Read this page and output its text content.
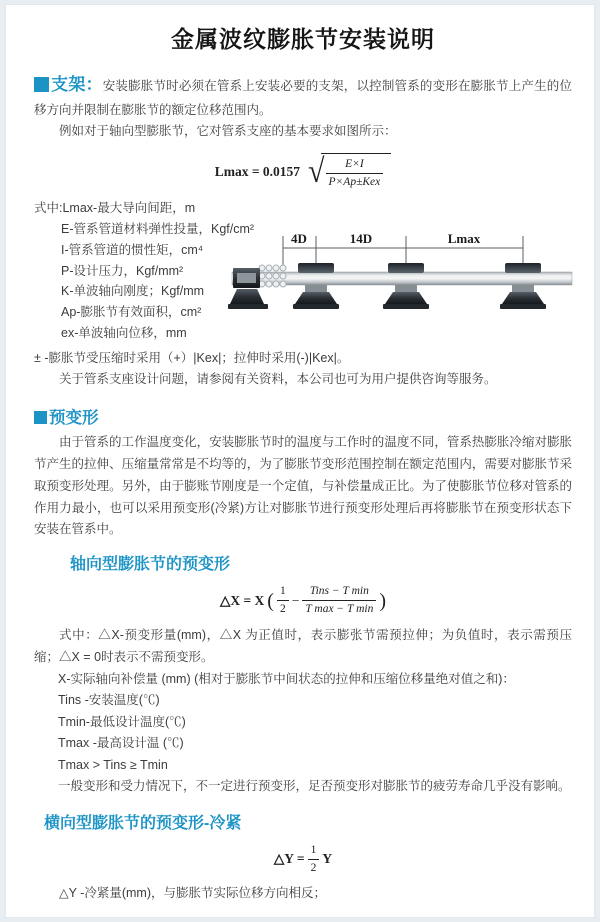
金属波纹膨胀节安装说明

支架：安装膨胀节时必须在管系上安装必要的支架，以控制管系的变形在膨胀节上产生的位移方向并限制在膨胀节的额定位移范围内。

例如对于轴向型膨胀节，它对管系支座的基本要求如图所示：

Lmax = 0.0157 √ $\frac{E\times I}{\text{P×Ap±Kex}}$
式中:Lmax-最大导向间距，m
E-管系管道材料弹性投量，Kgf/cm²
I-管系管道的惯性矩，cm⁴
P-设计压力，Kgf/mm²
K-单波轴向刚度；Kgf/mm
Ap-膨胀节有效面积，cm²
ex-单波轴向位移，mm
4D	14D	Lmax
± -膨胀节受压缩时采用（+）|Kex|；拉伸时采用(-)|Kex|。
关于管系支座设计问题，请参阅有关资料，本公司也可为用户提供咨询等服务。
预变形

由于管系的工作温度变化，安装膨胀节时的温度与工作时的温度不同，管系热膨胀冷缩对膨胀节产生的拉伸、压缩量常常是不均等的，为了膨胀节变形范围控制在额定范围内，需要对膨胀节采取预变形处理。另外，由于膨账节刚度是一个定值，与补偿量成正比。为了使膨胀节位移对管系的作用力最小，也可以采用预变形(冷紧)方让对膨胀节进行预变形处理后再将膨胀节在预变形状态下安装在管系中。

轴向型膨胀节的预变形
△X = X ( $\frac{1}{2} - \frac{\text{Tins − T min}}{\text{T max − T min}}$ )

式中：△X-预变形量(mm)，△X 为正值时，表示膨张节需预拉伸；为负值时，表示需预压缩；△X = 0时表示不需预变形。

X-实际轴向补偿量 (mm) (相对于膨胀节中间状态的拉伸和压缩位移量绝对值之和)：
Tins -安装温度(℃)
Tmin-最低设计温度(℃)
Tmax -最高设计温 (℃)
Tmax > Tins ≥ Tmin
一般变形和受力情况下，不一定进行预变形，足否预变形对膨胀节的疲劳寿命几乎没有影响。
横向型膨胀节的预变形-冷紧
△Y = $\frac{1}{2}$ Y
△Y -冷紧量(mm)，与膨胀节实际位移方向相反；
